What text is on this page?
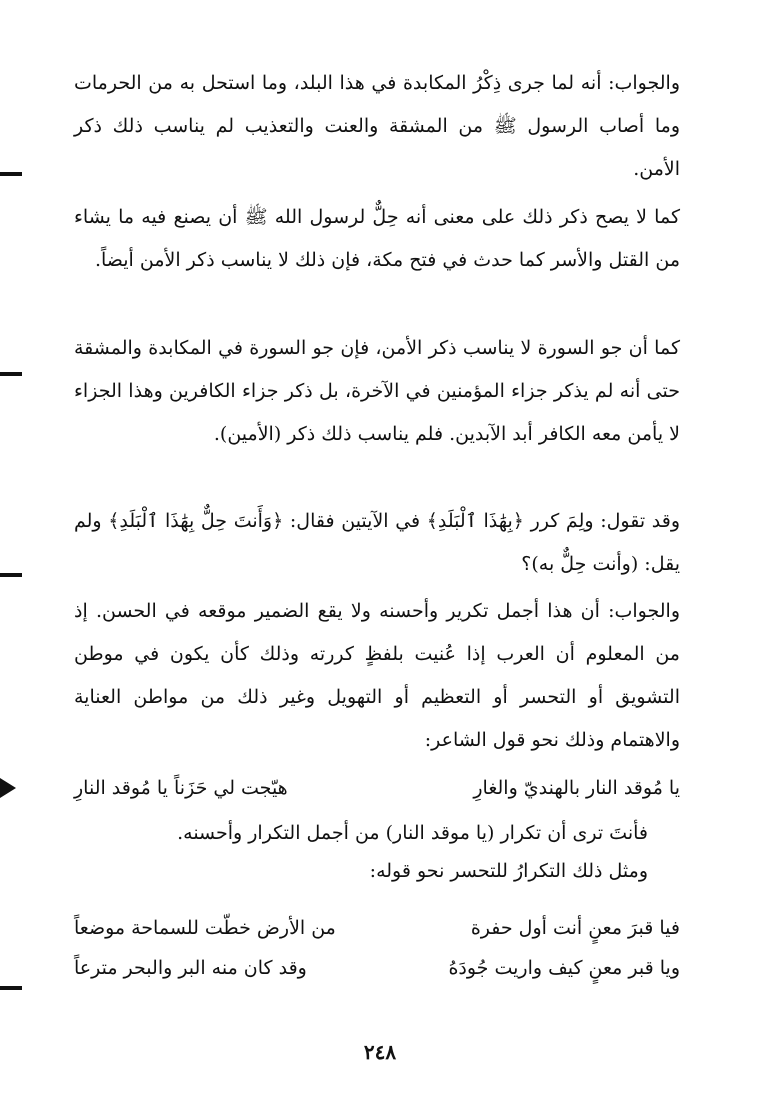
والجواب: أنه لما جرى ذِكْرُ المكابدة في هذا البلد، وما استحل به من الحرمات وما أصاب الرسول ﷺ من المشقة والعنت والتعذيب لم يناسب ذلك ذكر الأمن.

كما لا يصح ذكر ذلك على معنى أنه حِلٌّ لرسول الله ﷺ أن يصنع فيه ما يشاء من القتل والأسر كما حدث في فتح مكة، فإن ذلك لا يناسب ذكر الأمن أيضاً.

كما أن جو السورة لا يناسب ذكر الأمن، فإن جو السورة في المكابدة والمشقة حتى أنه لم يذكر جزاء المؤمنين في الآخرة، بل ذكر جزاء الكافرين وهذا الجزاء لا يأمن معه الكافر أبد الآبدين. فلم يناسب ذلك ذكر (الأمين).

وقد تقول: ولِمَ كرر ﴿بِهَٰذَا ٱلْبَلَدِ﴾ في الآيتين فقال: ﴿وَأَنتَ حِلٌّ بِهَٰذَا ٱلْبَلَدِ﴾ ولم يقل: (وأنت حِلٌّ به)؟

والجواب: أن هذا أجمل تكرير وأحسنه ولا يقع الضمير موقعه في الحسن. إذ من المعلوم أن العرب إذا عُنيت بلفظٍ كررته وذلك كأن يكون في موطن التشويق أو التحسر أو التعظيم أو التهويل وغير ذلك من مواطن العناية والاهتمام وذلك نحو قول الشاعر:

يا مُوقد النار بالهنديّ والغارِ
هيّجت لي حَزَناً يا مُوقد النارِ
فأنتَ ترى أن تكرار (يا موقد النار) من أجمل التكرار وأحسنه.
ومثل ذلك التكرارُ للتحسر نحو قوله:
فيا قبرَ معنٍ أنت أول حفرة
من الأرض خطّت للسماحة موضعاً
ويا قبر معنٍ كيف واريت جُودَهُ
وقد كان منه البر والبحر مترعاً
٢٤٨
